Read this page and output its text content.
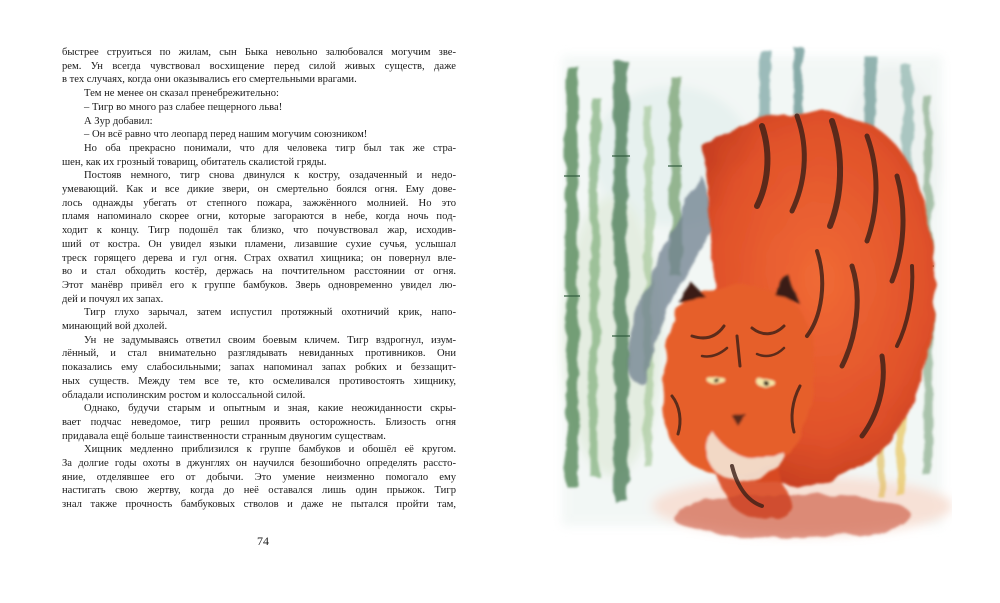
быстрее струиться по жилам, сын Быка невольно залюбовался могучим зве-
рем. Ун всегда чувствовал восхищение перед силой живых существ, даже
в тех случаях, когда они оказывались его смертельными врагами.
Тем не менее он сказал пренебрежительно:
– Тигр во много раз слабее пещерного льва!
А Зур добавил:
– Он всё равно что леопард перед нашим могучим союзником!
Но оба прекрасно понимали, что для человека тигр был так же стра-
шен, как их грозный товарищ, обитатель скалистой гряды.
Постояв немного, тигр снова двинулся к костру, озадаченный и недо-
умевающий. Как и все дикие звери, он смертельно боялся огня. Ему дове-
лось однажды убегать от степного пожара, зажжённого молнией. Но это
пламя напоминало скорее огни, которые загораются в небе, когда ночь под-
ходит к концу. Тигр подошёл так близко, что почувствовал жар, исходив-
ший от костра. Он увидел языки пламени, лизавшие сухие сучья, услышал
треск горящего дерева и гул огня. Страх охватил хищника; он повернул вле-
во и стал обходить костёр, держась на почтительном расстоянии от огня.
Этот манёвр привёл его к группе бамбуков. Зверь одновременно увидел лю-
дей и почуял их запах.
Тигр глухо зарычал, затем испустил протяжный охотничий крик, напо-
минающий вой дхолей.
Ун не задумываясь ответил своим боевым кличем. Тигр вздрогнул, изум-
лённый, и стал внимательно разглядывать невиданных противников. Они
показались ему слабосильными; запах напоминал запах робких и беззащит-
ных существ. Между тем все те, кто осмеливался противостоять хищнику,
обладали исполинским ростом и колоссальной силой.
Однако, будучи старым и опытным и зная, какие неожиданности скры-
вает подчас неведомое, тигр решил проявить осторожность. Близость огня
придавала ещё больше таинственности странным двуногим существам.
Хищник медленно приблизился к группе бамбуков и обошёл её кругом.
За долгие годы охоты в джунглях он научился безошибочно определять рассто-
яние, отделявшее его от добычи. Это умение неизменно помогало ему
настигать свою жертву, когда до неё оставался лишь один прыжок. Тигр
знал также прочность бамбуковых стволов и даже не пытался пройти там,
74
